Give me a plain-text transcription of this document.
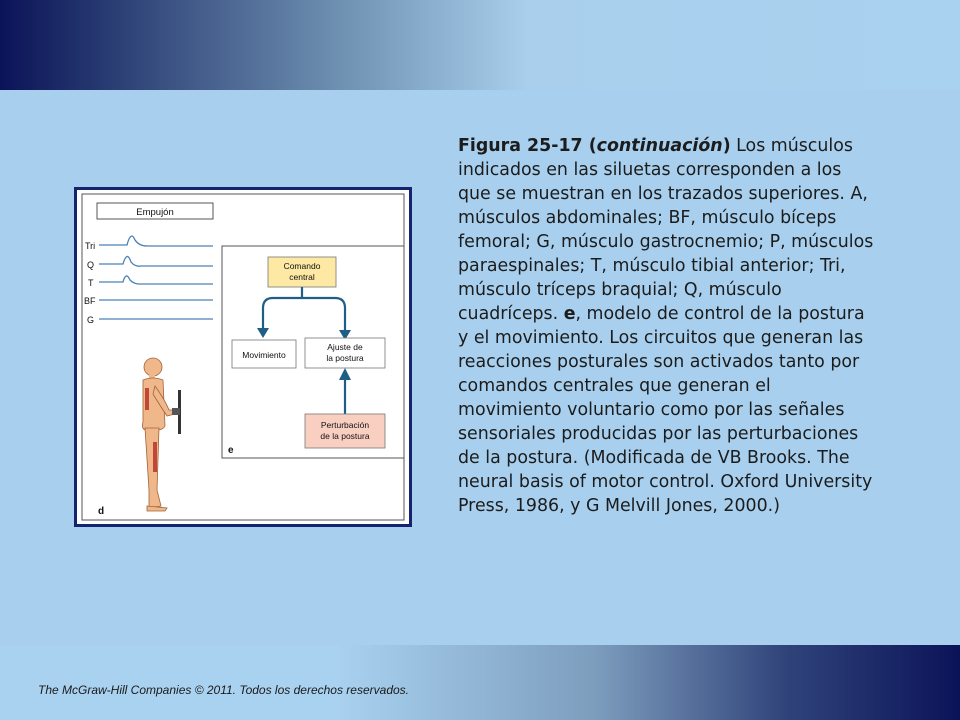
Empujón
Tri
Q
T
BF
G
d
e
Comando
central
Movimiento
Ajuste de
la postura
Perturbación
de la postura
Figura 25-17 (continuación) Los músculos indicados en las siluetas corresponden a los que se muestran en los trazados superiores. A, músculos abdominales; BF, músculo bíceps femoral; G, músculo gastrocnemio; P, músculos paraespinales; T, músculo tibial anterior; Tri, músculo tríceps braquial; Q, músculo cuadríceps. e, modelo de control de la postura y el movimiento. Los circuitos que generan las reacciones posturales son activados tanto por comandos centrales que generan el movimiento voluntario como por las señales sensoriales producidas por las perturbaciones de la postura. (Modificada de VB Brooks. The neural basis of motor control. Oxford University Press, 1986, y G Melvill Jones, 2000.)
The McGraw-Hill Companies © 2011. Todos los derechos reservados.
